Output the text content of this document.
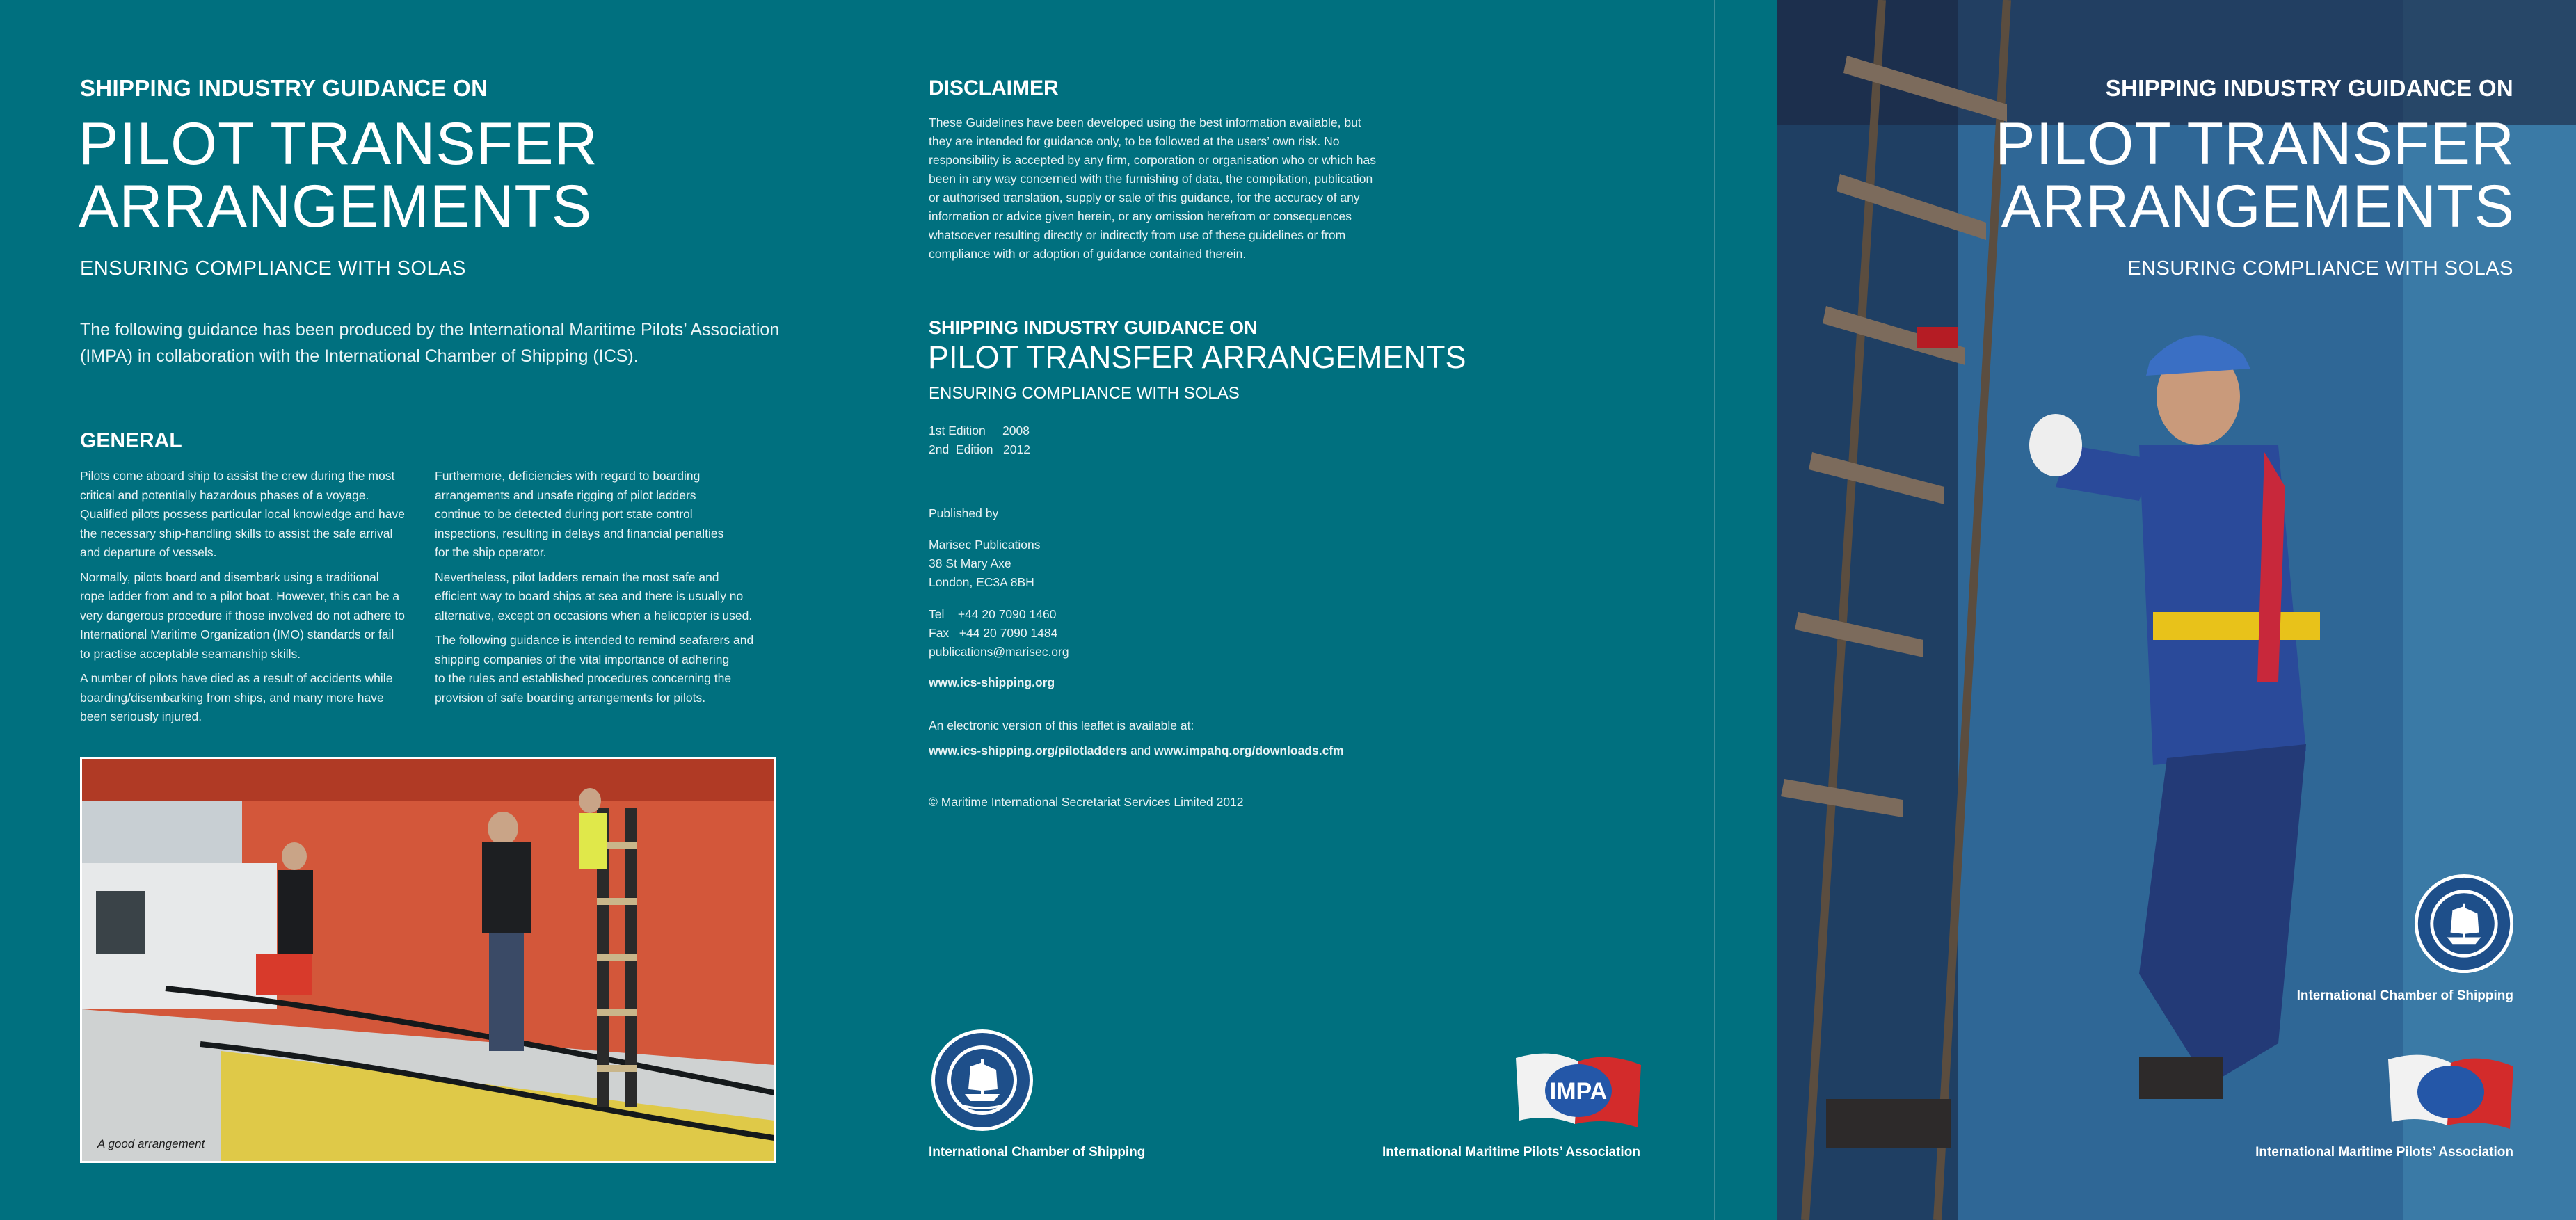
SHIPPING INDUSTRY GUIDANCE ON
PILOT TRANSFER
ARRANGEMENTS
ENSURING COMPLIANCE WITH SOLAS
The following guidance has been produced by the International Maritime Pilots’ Association
(IMPA) in collaboration with the International Chamber of Shipping (ICS).
GENERAL

Pilots come aboard ship to assist the crew during the most
critical and potentially hazardous phases of a voyage.
Qualified pilots possess particular local knowledge and have
the necessary ship-handling skills to assist the safe arrival
and departure of vessels.

Normally, pilots board and disembark using a traditional
rope ladder from and to a pilot boat. However, this can be a
very dangerous procedure if those involved do not adhere to
International Maritime Organization (IMO) standards or fail
to practise acceptable seamanship skills.

A number of pilots have died as a result of accidents while
boarding/disembarking from ships, and many more have
been seriously injured.

Furthermore, deficiencies with regard to boarding
arrangements and unsafe rigging of pilot ladders
continue to be detected during port state control
inspections, resulting in delays and financial penalties
for the ship operator.

Nevertheless, pilot ladders remain the most safe and
efficient way to board ships at sea and there is usually no
alternative, except on occasions when a helicopter is used.

The following guidance is intended to remind seafarers and
shipping companies of the vital importance of adhering
to the rules and established procedures concerning the
provision of safe boarding arrangements for pilots.

A good arrangement
DISCLAIMER
These Guidelines have been developed using the best information available, but
they are intended for guidance only, to be followed at the users’ own risk. No
responsibility is accepted by any firm, corporation or organisation who or which has
been in any way concerned with the furnishing of data, the compilation, publication
or authorised translation, supply or sale of this guidance, for the accuracy of any
information or advice given herein, or any omission herefrom or consequences
whatsoever resulting directly or indirectly from use of these guidelines or from
compliance with or adoption of guidance contained therein.
SHIPPING INDUSTRY GUIDANCE ON
PILOT TRANSFER ARRANGEMENTS
ENSURING COMPLIANCE WITH SOLAS
1st Edition     2008
2nd  Edition   2012
Published by
Marisec Publications
38 St Mary Axe
London, EC3A 8BH
Tel    +44 20 7090 1460
Fax   +44 20 7090 1484
publications@marisec.org
www.ics-shipping.org
An electronic version of this leaflet is available at:
www.ics-shipping.org/pilotladders and www.impahq.org/downloads.cfm
© Maritime International Secretariat Services Limited 2012
International Chamber of Shipping
IMPA
International Maritime Pilots’ Association
SHIPPING INDUSTRY GUIDANCE ON
PILOT TRANSFER
ARRANGEMENTS
ENSURING COMPLIANCE WITH SOLAS
International Chamber of Shipping
International Maritime Pilots’ Association
